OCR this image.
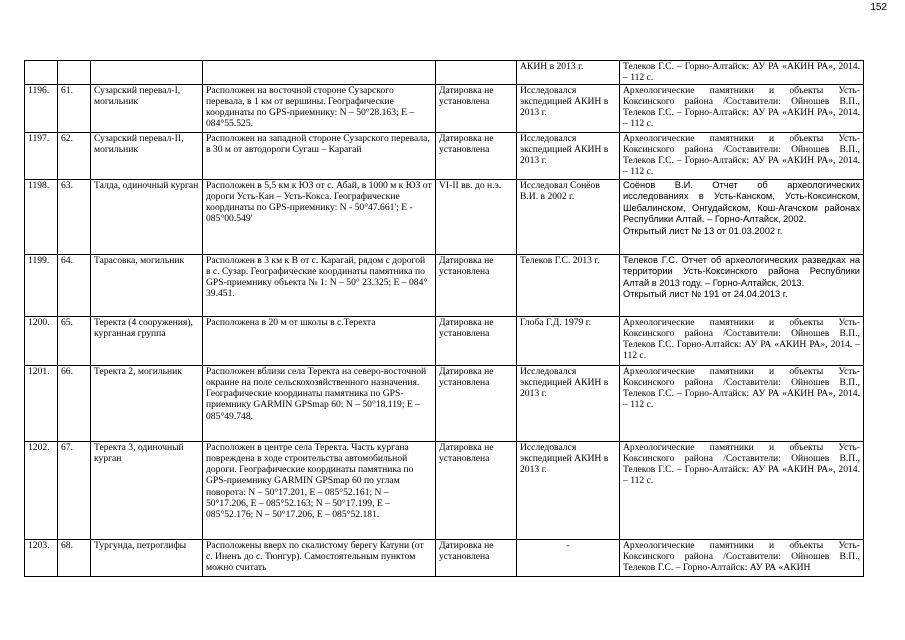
152
					АКИН в 2013 г.	Телеков Г.С. – Горно-Алтайск: АУ РА «АКИН РА», 2014. – 112 с.
1196.	61.	Сузарский перевал-I, могильник	Расположен на восточной стороне Сузарского перевала, в 1 км от вершины. Географические координаты по GPS-приемнику: N – 50°28.163; E – 084°55.525.	Датировка не установлена	Исследовался экспедицией АКИН в 2013 г.	Археологические памятники и объекты Усть-Коксинского района /Составители: Ойношев В.П., Телеков Г.С. – Горно-Алтайск: АУ РА «АКИН РА», 2014. – 112 с.
1197.	62.	Сузарский перевал-II, могильник	Расположен на западной стороне Сузарского перевала, в 30 м от автодороги Сугаш – Карагай	Датировка не установлена	Исследовался экспедицией АКИН в 2013 г.	Археологические памятники и объекты Усть-Коксинского района /Составители: Ойношев В.П., Телеков Г.С. – Горно-Алтайск: АУ РА «АКИН РА», 2014. – 112 с.
1198.	63.	Талда, одиночный курган	Расположен в 5,5 км к ЮЗ от с. Абай, в 1000 м к ЮЗ от дороги Усть-Кан – Усть-Кокса. Географические координаты по GPS-приемнику: N - 50°47.661'; E - 085°00.549'	VI-II вв. до н.э.	Исследовал Сонёов В.И. в 2002 г.	Соёнов В.И. Отчет об археологических исследованиях в Усть-Канском, Усть-Коксинском, Шебалинском, Онгудайском, Кош-Агачском районах Республики Алтай. – Горно-Алтайск, 2002.
Открытый лист № 13 от 01.03.2002 г.

1199.	64.	Тарасовка, могильник	Расположен в 3 км к В от с. Карагай, рядом с дорогой в с. Сузар. Географические координаты памятника по GPS-приемнику объекта № 1: N – 50° 23.325; E – 084° 39.451.	Датировка не установлена	Телеков Г.С. 2013 г.	Телеков Г.С. Отчет об археологических разведках на территории Усть-Коксинского района Республики Алтай в 2013 году. – Горно-Алтайск, 2013.
Открытый лист № 191 от 24.04.2013 г.

1200.	65.	Теректа (4 сооружения), курганная группа	Расположена в 20 м от школы в с.Терехта	Датировка не установлена	Глоба Г.Д. 1979 г.	Археологические памятники и объекты Усть-Коксинского района /Составители: Ойношев В.П., Телеков Г.С. Горно-Алтайск: АУ РА «АКИН РА», 2014. – 112 с.
1201.	66.	Теректа 2, могильник	Расположен вблизи села Теректа на северо-восточной окраине на поле сельскохозяйственного назначения. Географические координаты памятника по GPS-приемнику GARMIN GPSmap 60: N – 50°18.119; E – 085°49.748.	Датировка не установлена	Исследовался экспедицией АКИН в 2013 г.	Археологические памятники и объекты Усть-Коксинского района /Составители: Ойношев В.П., Телеков Г.С. – Горно-Алтайск: АУ РА «АКИН РА», 2014. – 112 с.
1202.	67.	Теректа 3, одиночный курган	Расположен в центре села Теректа. Часть кургана повреждена в ходе строительства автомобильной дороги. Географические координаты памятника по GPS-приемнику GARMIN GPSmap 60 по углам поворота: N – 50°17.201, E – 085°52.161; N – 50°17.206, E – 085°52.163; N – 50°17.199, E – 085°52.176; N – 50°17.206, E – 085°52.181.	Датировка не установлена	Исследовался экспедицией АКИН в 2013 г.	Археологические памятники и объекты Усть-Коксинского района /Составители: Ойношев В.П., Телеков Г.С. – Горно-Алтайск: АУ РА «АКИН РА», 2014. – 112 с.
1203.	68.	Тургунда, петроглифы	Расположены вверх по скалистому берегу Катуни (от с. Иненъ до с. Тюнгур). Самостоятельным пунктом можно считать	Датировка не установлена	-	Археологические памятники и объекты Усть-Коксинского района /Составители: Ойношев В.П., Телеков Г.С. – Горно-Алтайск: АУ РА «АКИН
